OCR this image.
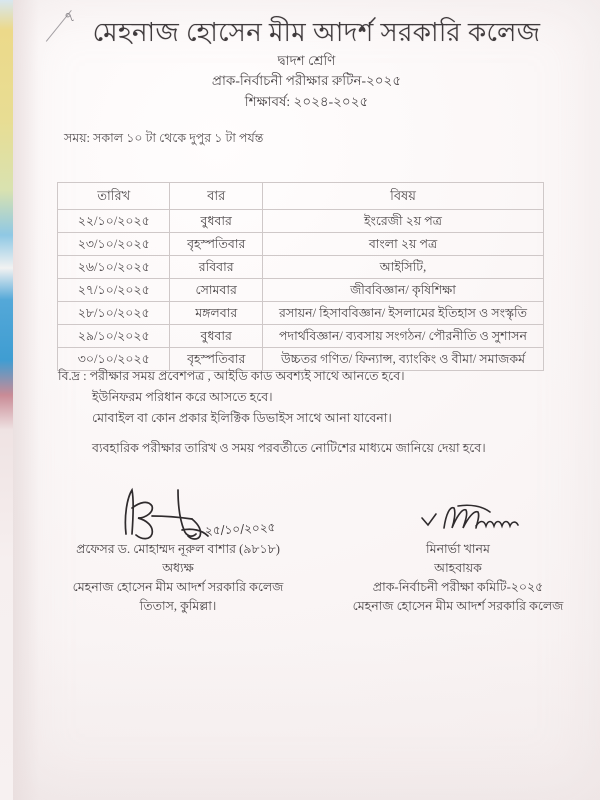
৭
মেহনাজ হোসেন মীম আদর্শ সরকারি কলেজ
দ্বাদশ শ্রেণি
প্রাক-নির্বাচনী পরীক্ষার রুটিন-২০২৫
শিক্ষাবর্ষ: ২০২৪-২০২৫
সময়: সকাল ১০ টা থেকে দুপুর ১ টা পর্যন্ত
তারিখ	বার	বিষয়
২২/১০/২০২৫	বুধবার	ইংরেজী ২য় পত্র
২৩/১০/২০২৫	বৃহস্পতিবার	বাংলা ২য় পত্র
২৬/১০/২০২৫	রবিবার	আইসিটি,
২৭/১০/২০২৫	সোমবার	জীববিজ্ঞান/ কৃষিশিক্ষা
২৮/১০/২০২৫	মঙ্গলবার	রসায়ন/ হিসাববিজ্ঞান/ ইসলামের ইতিহাস ও সংস্কৃতি
২৯/১০/২০২৫	বুধবার	পদার্থবিজ্ঞান/ ব্যবসায় সংগঠন/ পৌরনীতি ও সুশাসন
৩০/১০/২০২৫	বৃহস্পতিবার	উচ্চতর গণিত/ ফিন্যান্স, ব্যাংকিং ও বীমা/ সমাজকর্ম
বি.দ্র : পরীক্ষার সময় প্রবেশপত্র , আইডি কাড অবশ্যই সাথে আনতে হবে।
ইউনিফরম পরিধান করে আসতে হবে।
মোবাইল বা কোন প্রকার ইলিক্টিক ডিভাইস সাথে আনা যাবেনা।
ব্যবহারিক পরীক্ষার তারিখ ও সময় পরবর্তীতে নোটিশের মাধ্যমে জানিয়ে দেয়া হবে।
২৫/১০/২০২৫
প্রফেসর ড. মোহাম্মদ নূরুল বাশার (৯৮১৮)
অধ্যক্ষ
মেহনাজ হোসেন মীম আদর্শ সরকারি কলেজ
তিতাস, কুমিল্লা।
মিনার্ভা খানম
আহবায়ক
প্রাক-নির্বাচনী পরীক্ষা কমিটি-২০২৫
মেহনাজ হোসেন মীম আদর্শ সরকারি কলেজ
